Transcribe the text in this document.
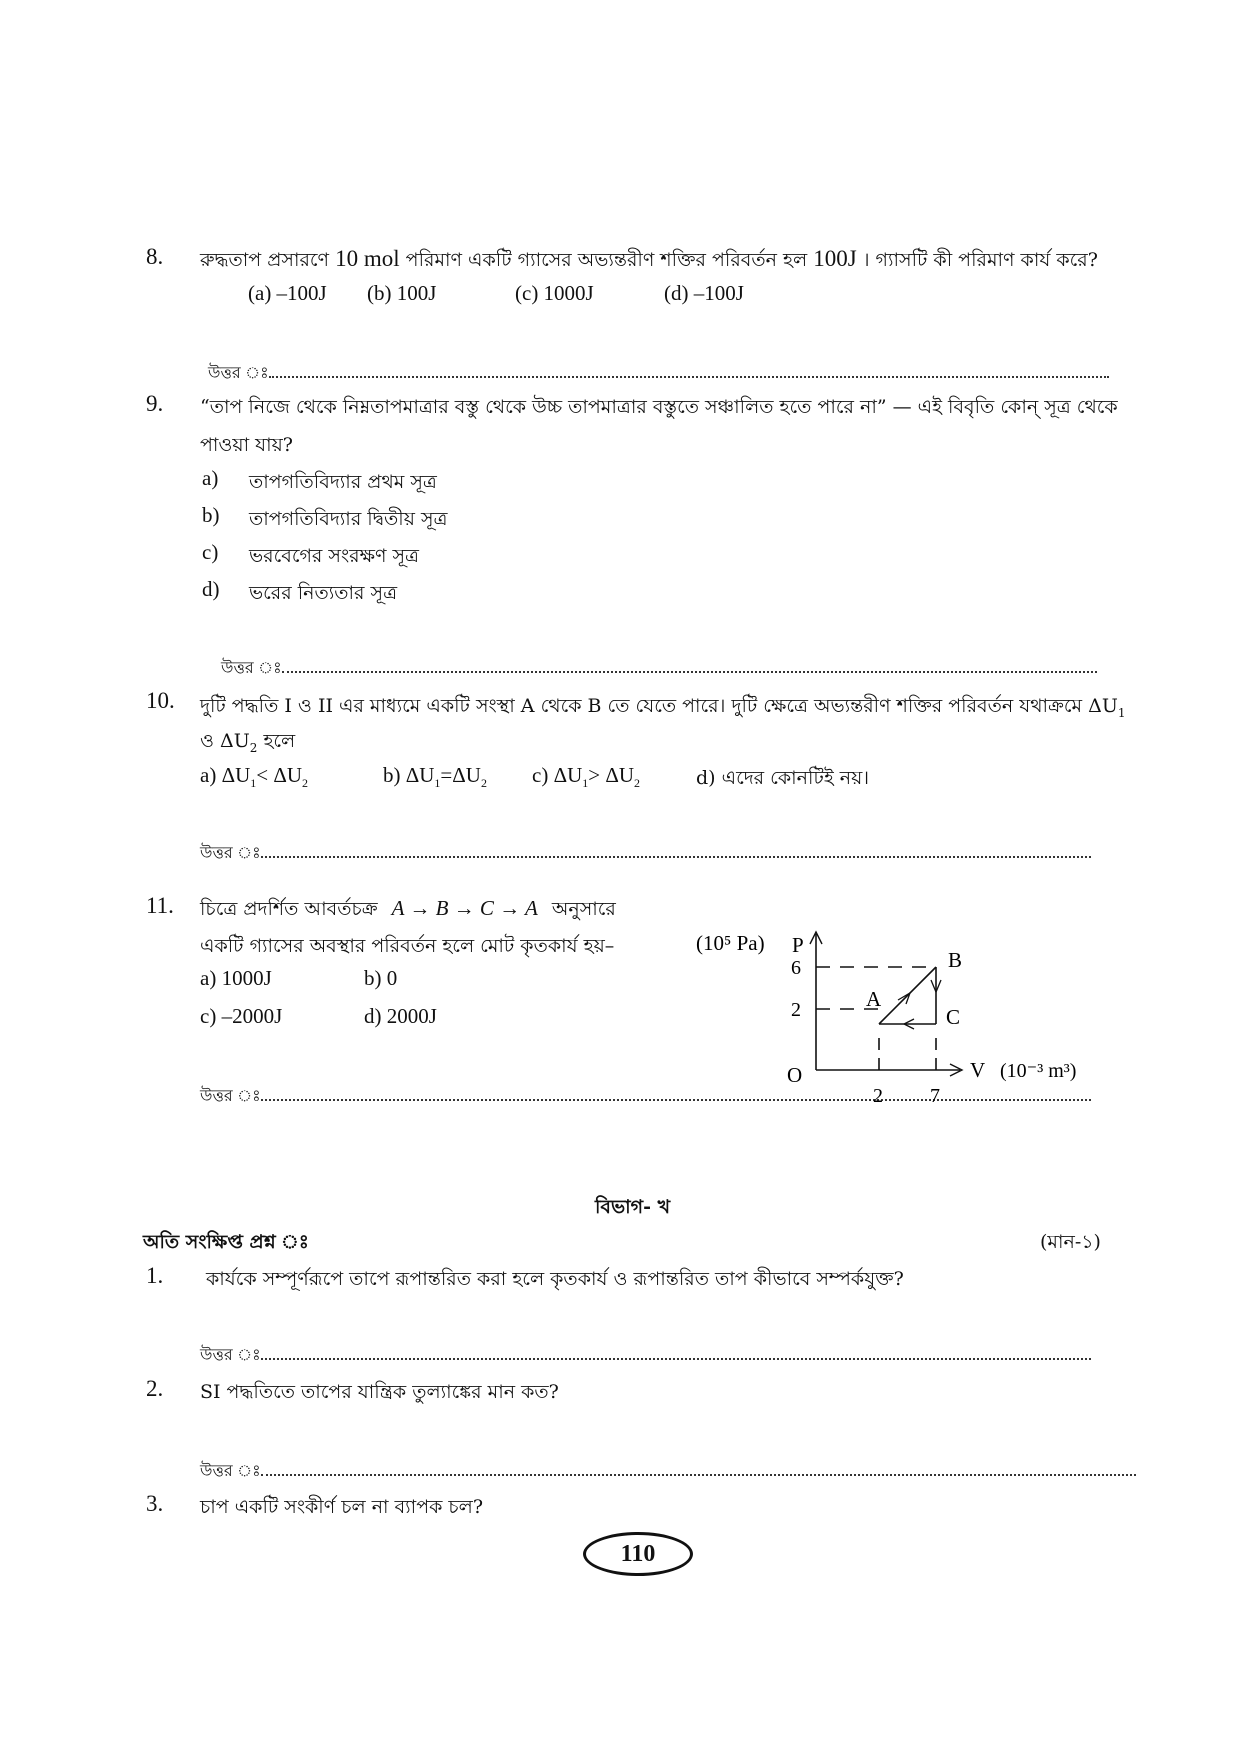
8. রুদ্ধতাপ প্রসারণে 10 mol পরিমাণ একটি গ্যাসের অভ্যন্তরীণ শক্তির পরিবর্তন হল 100J । গ্যাসটি কী পরিমাণ কার্য করে?
(a) –100J (b) 100J	(c) 1000J	(d) –100J
উত্তর ঃ
9. “তাপ নিজে থেকে নিম্নতাপমাত্রার বস্তু থেকে উচ্চ তাপমাত্রার বস্তুতে সঞ্চালিত হতে পারে না” — এই বিবৃতি কোন্ সূত্র থেকে
পাওয়া যায়?
a) তাপগতিবিদ্যার প্রথম সূত্র
b) তাপগতিবিদ্যার দ্বিতীয় সূত্র
c) ভরবেগের সংরক্ষণ সূত্র
d) ভরের নিত্যতার সূত্র
উত্তর ঃ
10. দুটি পদ্ধতি I ও II এর মাধ্যমে একটি সংস্থা A থেকে B তে যেতে পারে। দুটি ক্ষেত্রে অভ্যন্তরীণ শক্তির পরিবর্তন যথাক্রমে $\Delta U_1$
ও $\Delta U_2$ হলে
a) $\Delta U_1< \Delta U_2$	b) $\Delta U_1=\Delta U_2$ c) $\Delta U_1> \Delta U_2$	d) এদের কোনটিই নয়।
উত্তর ঃ
11. চিত্রে প্রদর্শিত আবর্তচক্র A → B → C → A অনুসারে
একটি গ্যাসের অবস্থার পরিবর্তন হলে মোট কৃতকার্য হয়–
a) 1000J	b) 0
c) –2000J	d) 2000J
উত্তর ঃ
(10⁵ Pa) P
6
2
O
2 7
V (10⁻³ m³)
A
B
C
বিভাগ- খ
অতি সংক্ষিপ্ত প্রশ্ন ঃ	(মান-১)
1. কার্যকে সম্পূর্ণরূপে তাপে রূপান্তরিত করা হলে কৃতকার্য ও রূপান্তরিত তাপ কীভাবে সম্পর্কযুক্ত?
উত্তর ঃ
2. SI পদ্ধতিতে তাপের যান্ত্রিক তুল্যাঙ্কের মান কত?
উত্তর ঃ
3. চাপ একটি সংকীর্ণ চল না ব্যাপক চল?
110
